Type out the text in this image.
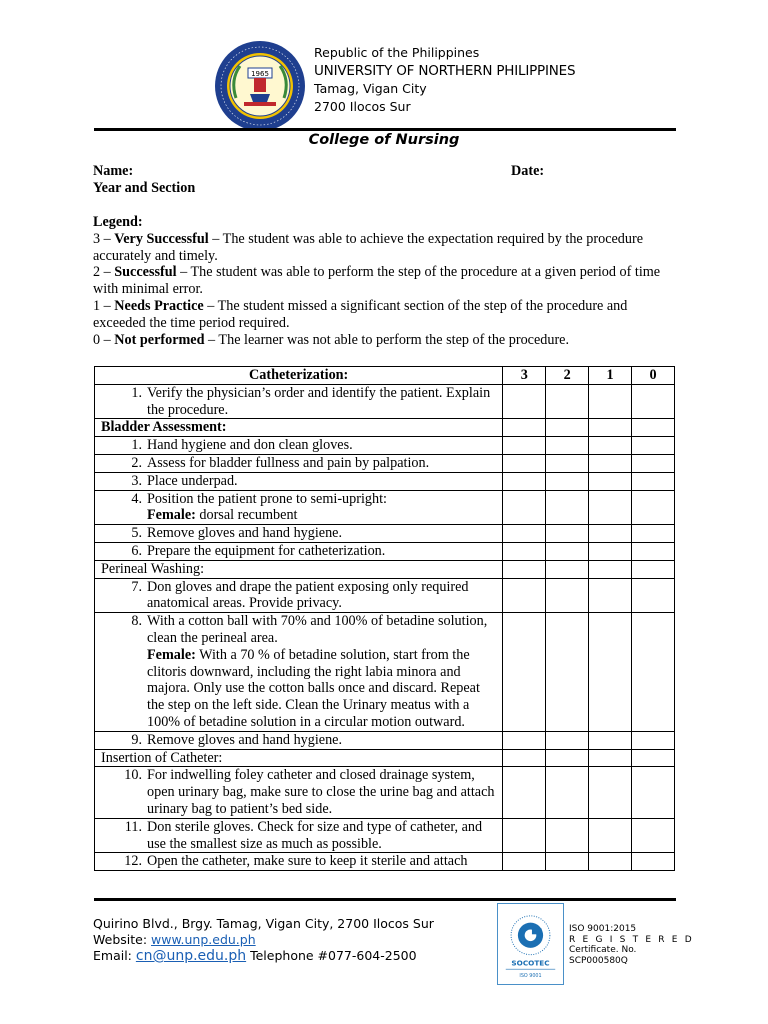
1965
Republic of the Philippines
UNIVERSITY OF NORTHERN PHILIPPINES
Tamag, Vigan City
2700 Ilocos Sur
College of Nursing
Name:	Date:
Year and Section
Legend:
3 – Very Successful – The student was able to achieve the expectation required by the procedure accurately and timely.
2 – Successful – The student was able to perform the step of the procedure at a given period of time with minimal error.
1 – Needs Practice – The student missed a significant section of the step of the procedure and exceeded the time period required.
0 – Not performed – The learner was not able to perform the step of the procedure.
Catheterization:	3	2	1	0

1. Verify the physician’s order and identify the patient. Explain the procedure.				

Bladder Assessment:				

1. Hand hygiene and don clean gloves.				

2. Assess for bladder fullness and pain by palpation.				

3. Place underpad.				

4. Position the patient prone to semi-upright:
Female: dorsal recumbent				

5. Remove gloves and hand hygiene.				

6. Prepare the equipment for catheterization.				

Perineal Washing:				

7. Don gloves and drape the patient exposing only required anatomical areas. Provide privacy.				

8. With a cotton ball with 70% and 100% of betadine solution, clean the perineal area.
Female: With a 70 % of betadine solution, start from the clitoris downward, including the right labia minora and majora. Only use the cotton balls once and discard. Repeat the step on the left side. Clean the Urinary meatus with a 100% of betadine solution in a circular motion outward.				

9. Remove gloves and hand hygiene.				

Insertion of Catheter:				

10. For indwelling foley catheter and closed drainage system, open urinary bag, make sure to close the urine bag and attach urinary bag to patient’s bed side.				

11. Don sterile gloves. Check for size and type of catheter, and use the smallest size as much as possible.				

12. Open the catheter, make sure to keep it sterile and attach				

Quirino Blvd., Brgy. Tamag, Vigan City, 2700 Ilocos Sur
Website: www.unp.edu.ph
Email: cn@unp.edu.ph Telephone #077-604-2500	SOCOTEC
ISO 9001
ISO 9001:2015
R E G I S T E R E D
Certificate. No.
SCP000580Q
